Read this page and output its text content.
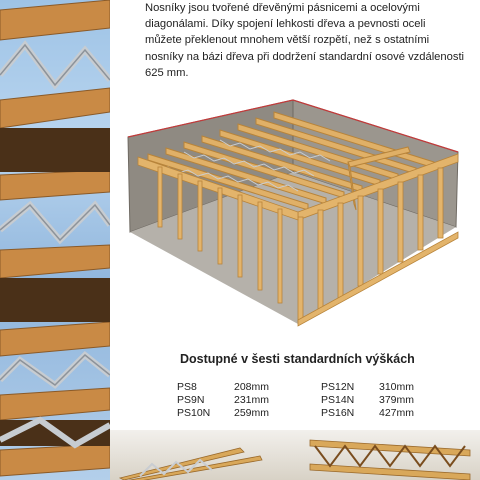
Nosníky jsou tvořené dřevěnými pásnicemi a ocelovými diagonálami. Díky spojení lehkosti dřeva a pevnosti oceli můžete překlenout mnohem větší rozpětí, než s ostatními nosníky na bázi dřeva při dodržení standardní osové vzdálenosti 625 mm.

Dostupné v šesti standardních výškách
PS8
PS9N
PS10N
208mm
231mm
259mm
PS12N
PS14N
PS16N
310mm
379mm
427mm
